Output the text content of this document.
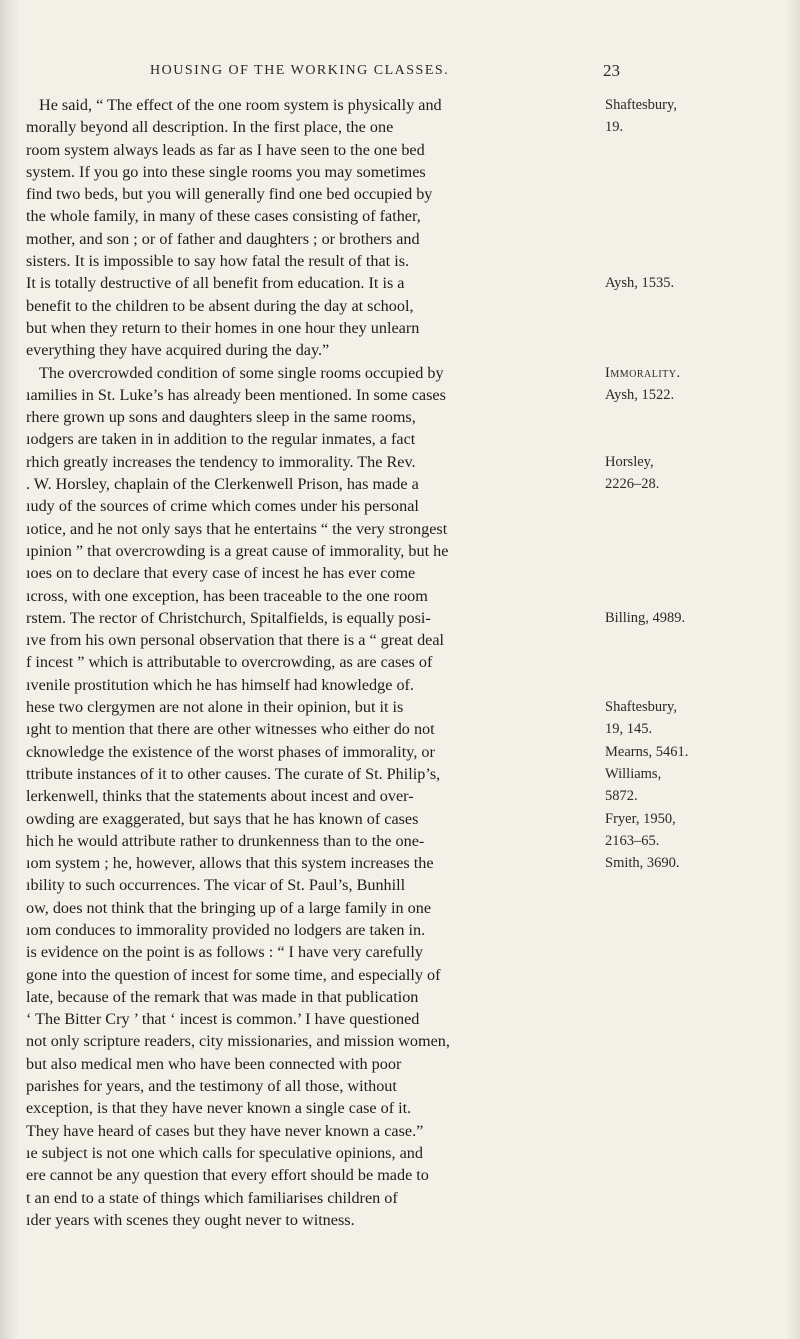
HOUSING OF THE WORKING CLASSES.	23
He said, “ The effect of the one room system is physically and
morally beyond all description. In the first place, the one
room system always leads as far as I have seen to the one bed
system. If you go into these single rooms you may sometimes
find two beds, but you will generally find one bed occupied by
the whole family, in many of these cases consisting of father,
mother, and son ; or of father and daughters ; or brothers and
sisters. It is impossible to say how fatal the result of that is.
It is totally destructive of all benefit from education. It is a
benefit to the children to be absent during the day at school,
but when they return to their homes in one hour they unlearn
everything they have acquired during the day.”
The overcrowded condition of some single rooms occupied by
ıamilies in St. Luke’s has already been mentioned. In some cases
rhere grown up sons and daughters sleep in the same rooms,
ıodgers are taken in in addition to the regular inmates, a fact
rhich greatly increases the tendency to immorality. The Rev.
. W. Horsley, chaplain of the Clerkenwell Prison, has made a
ıudy of the sources of crime which comes under his personal
ıotice, and he not only says that he entertains “ the very strongest
ıpinion ” that overcrowding is a great cause of immorality, but he
ıoes on to declare that every case of incest he has ever come
ıcross, with one exception, has been traceable to the one room
rstem. The rector of Christchurch, Spitalfields, is equally posi-
ıve from his own personal observation that there is a “ great deal
f incest ” which is attributable to overcrowding, as are cases of
ıvenile prostitution which he has himself had knowledge of.
hese two clergymen are not alone in their opinion, but it is
ıght to mention that there are other witnesses who either do not
cknowledge the existence of the worst phases of immorality, or
ttribute instances of it to other causes. The curate of St. Philip’s,
lerkenwell, thinks that the statements about incest and over-
owding are exaggerated, but says that he has known of cases
hich he would attribute rather to drunkenness than to the one-
ıom system ; he, however, allows that this system increases the
ıbility to such occurrences. The vicar of St. Paul’s, Bunhill
ow, does not think that the bringing up of a large family in one
ıom conduces to immorality provided no lodgers are taken in.
is evidence on the point is as follows : “ I have very carefully
gone into the question of incest for some time, and especially of
late, because of the remark that was made in that publication
‘ The Bitter Cry ’ that ‘ incest is common.’ I have questioned
not only scripture readers, city missionaries, and mission women,
but also medical men who have been connected with poor
parishes for years, and the testimony of all those, without
exception, is that they have never known a single case of it.
They have heard of cases but they have never known a case.”
ıe subject is not one which calls for speculative opinions, and
ere cannot be any question that every effort should be made to
t an end to a state of things which familiarises children of
ıder years with scenes they ought never to witness.
Shaftesbury,
19.
Aysh, 1535.
Immorality.
Aysh, 1522.
Horsley,
2226–28.
Billing, 4989.
Shaftesbury,
19, 145.
Mearns, 5461.
Williams,
5872.
Fryer, 1950,
2163–65.
Smith, 3690.
